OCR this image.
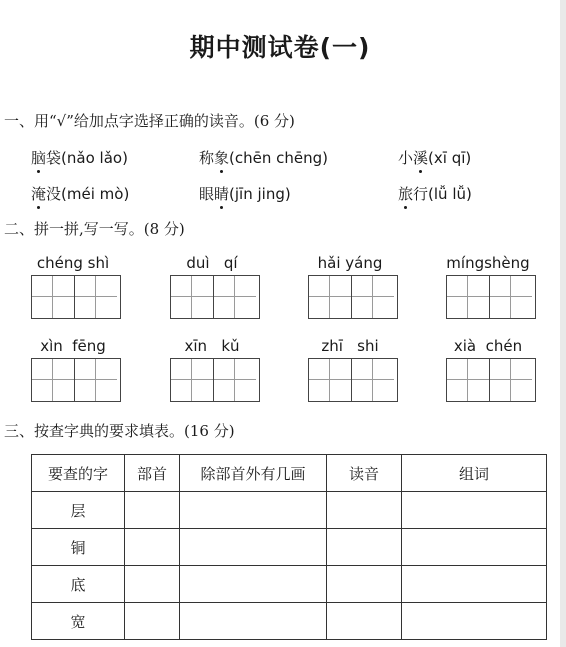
期中测试卷(一)
一、用“√”给加点字选择正确的读音。(6 分)
脑袋(nǎo lǎo)	称象(chēn chēng)	小溪(xī qī)
淹没(méi mò)	眼睛(jīn jing)	旅行(lǚ lǚ)
二、拼一拼,写一写。(8 分)
chéng shì	duì   qí	hǎi yáng	míngshèng
xìn  fēng	xīn   kǔ	zhī   shi	xià  chén
三、按查字典的要求填表。(16 分)
要查的字	部首	除部首外有几画	读音	组词
层				
铜				
底				
宽				
